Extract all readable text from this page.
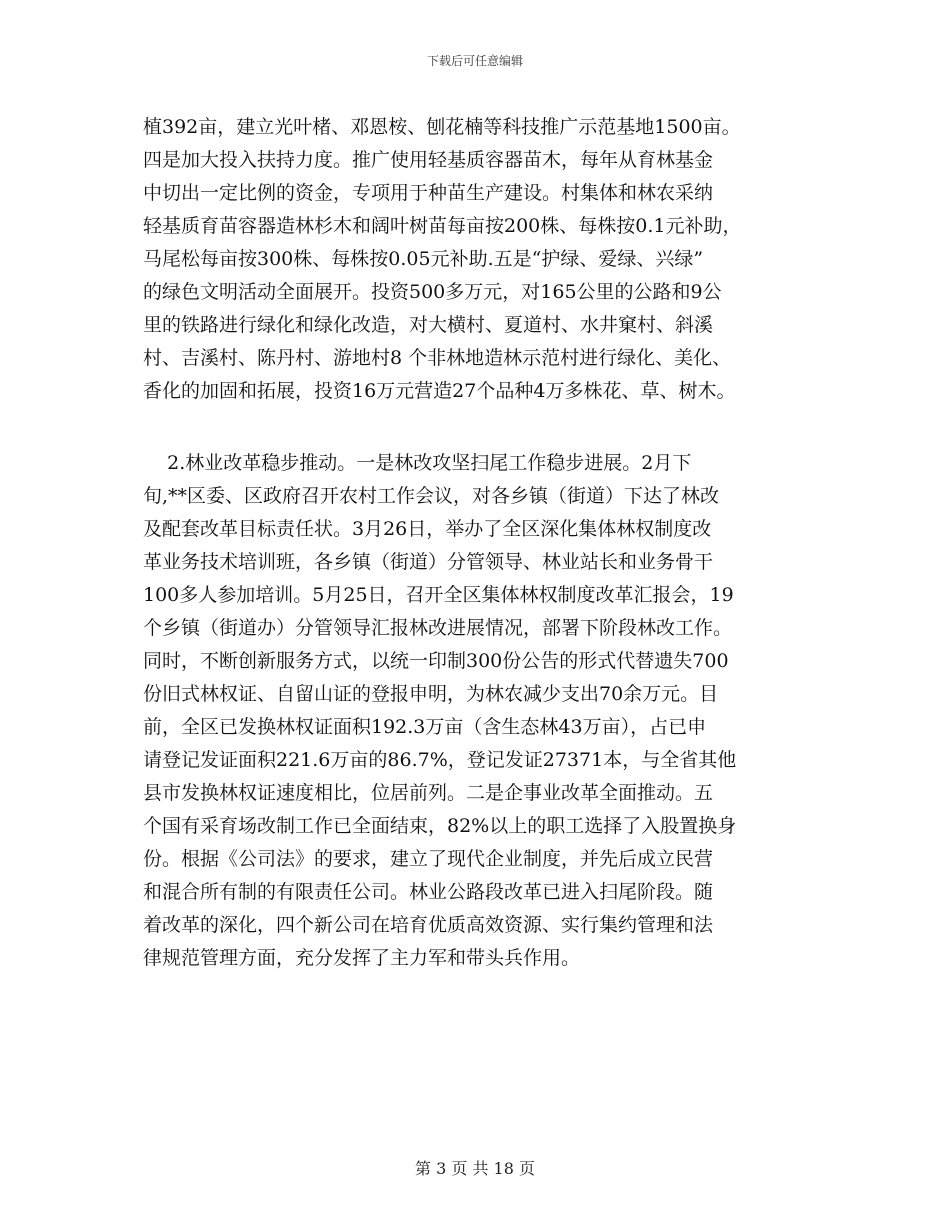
下载后可任意编辑
植392亩，建立光叶楮、邓恩桉、刨花楠等科技推广示范基地1500亩。
四是加大投入扶持力度。推广使用轻基质容器苗木，每年从育林基金
中切出一定比例的资金，专项用于种苗生产建设。村集体和林农采纳
轻基质育苗容器造林杉木和阔叶树苗每亩按200株、每株按0.1元补助，
马尾松每亩按300株、每株按0.05元补助.五是“护绿、爱绿、兴绿”
的绿色文明活动全面展开。投资500多万元，对165公里的公路和9公
里的铁路进行绿化和绿化改造，对大横村、夏道村、水井窠村、斜溪
村、吉溪村、陈丹村、游地村8 个非林地造林示范村进行绿化、美化、
香化的加固和拓展，投资16万元营造27个品种4万多株花、草、树木。
2.林业改革稳步推动。一是林改攻坚扫尾工作稳步进展。2月下
旬,**区委、区政府召开农村工作会议，对各乡镇（街道）下达了林改
及配套改革目标责任状。3月26日，举办了全区深化集体林权制度改
革业务技术培训班，各乡镇（街道）分管领导、林业站长和业务骨干
100多人参加培训。5月25日，召开全区集体林权制度改革汇报会，19
个乡镇（街道办）分管领导汇报林改进展情况，部署下阶段林改工作。
同时，不断创新服务方式，以统一印制300份公告的形式代替遗失700
份旧式林权证、自留山证的登报申明，为林农减少支出70余万元。目
前，全区已发换林权证面积192.3万亩（含生态林43万亩），占已申
请登记发证面积221.6万亩的86.7%，登记发证27371本，与全省其他
县市发换林权证速度相比，位居前列。二是企事业改革全面推动。五
个国有采育场改制工作已全面结束，82%以上的职工选择了入股置换身
份。根据《公司法》的要求，建立了现代企业制度，并先后成立民营
和混合所有制的有限责任公司。林业公路段改革已进入扫尾阶段。随
着改革的深化，四个新公司在培育优质高效资源、实行集约管理和法
律规范管理方面，充分发挥了主力军和带头兵作用。
第 3 页 共 18 页
